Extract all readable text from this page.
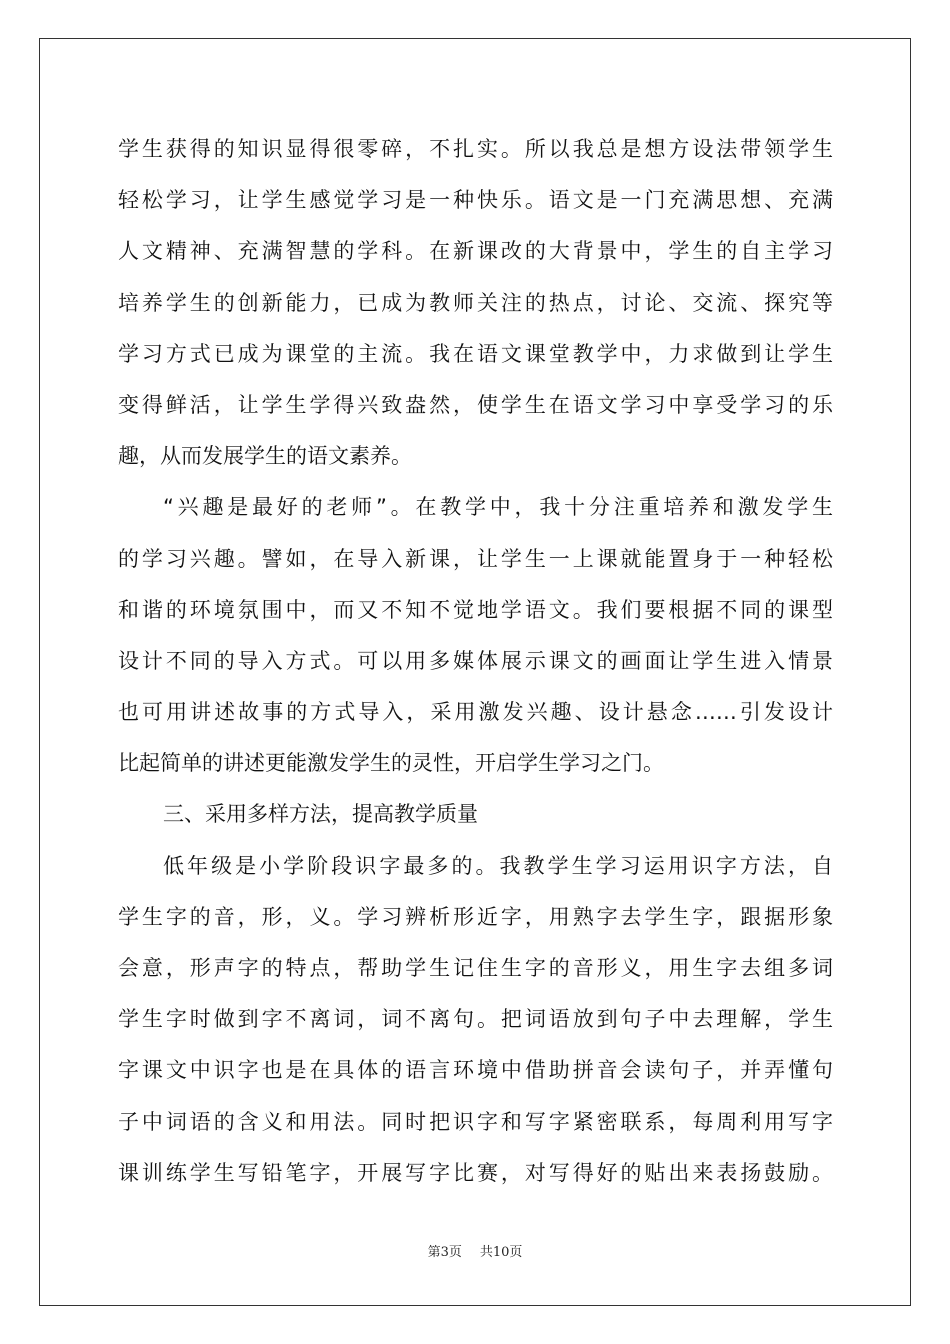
学生获得的知识显得很零碎，不扎实。所以我总是想方设法带领学生
轻松学习，让学生感觉学习是一种快乐。语文是一门充满思想、充满
人文精神、充满智慧的学科。在新课改的大背景中，学生的自主学习
培养学生的创新能力，已成为教师关注的热点，讨论、交流、探究等
学习方式已成为课堂的主流。我在语文课堂教学中，力求做到让学生
变得鲜活，让学生学得兴致盎然，使学生在语文学习中享受学习的乐
趣，从而发展学生的语文素养。
“兴趣是最好的老师”。在教学中，我十分注重培养和激发学生
的学习兴趣。譬如，在导入新课，让学生一上课就能置身于一种轻松
和谐的环境氛围中，而又不知不觉地学语文。我们要根据不同的课型
设计不同的导入方式。可以用多媒体展示课文的画面让学生进入情景
也可用讲述故事的方式导入，采用激发兴趣、设计悬念……引发设计
比起简单的讲述更能激发学生的灵性，开启学生学习之门。
三、采用多样方法，提高教学质量
低年级是小学阶段识字最多的。我教学生学习运用识字方法，自
学生字的音，形，义。学习辨析形近字，用熟字去学生字，跟据形象
会意，形声字的特点，帮助学生记住生字的音形义，用生字去组多词
学生字时做到字不离词，词不离句。把词语放到句子中去理解，学生
字课文中识字也是在具体的语言环境中借助拼音会读句子，并弄懂句
子中词语的含义和用法。同时把识字和写字紧密联系，每周利用写字
课训练学生写铅笔字，开展写字比赛，对写得好的贴出来表扬鼓励。
第3页 共10页
